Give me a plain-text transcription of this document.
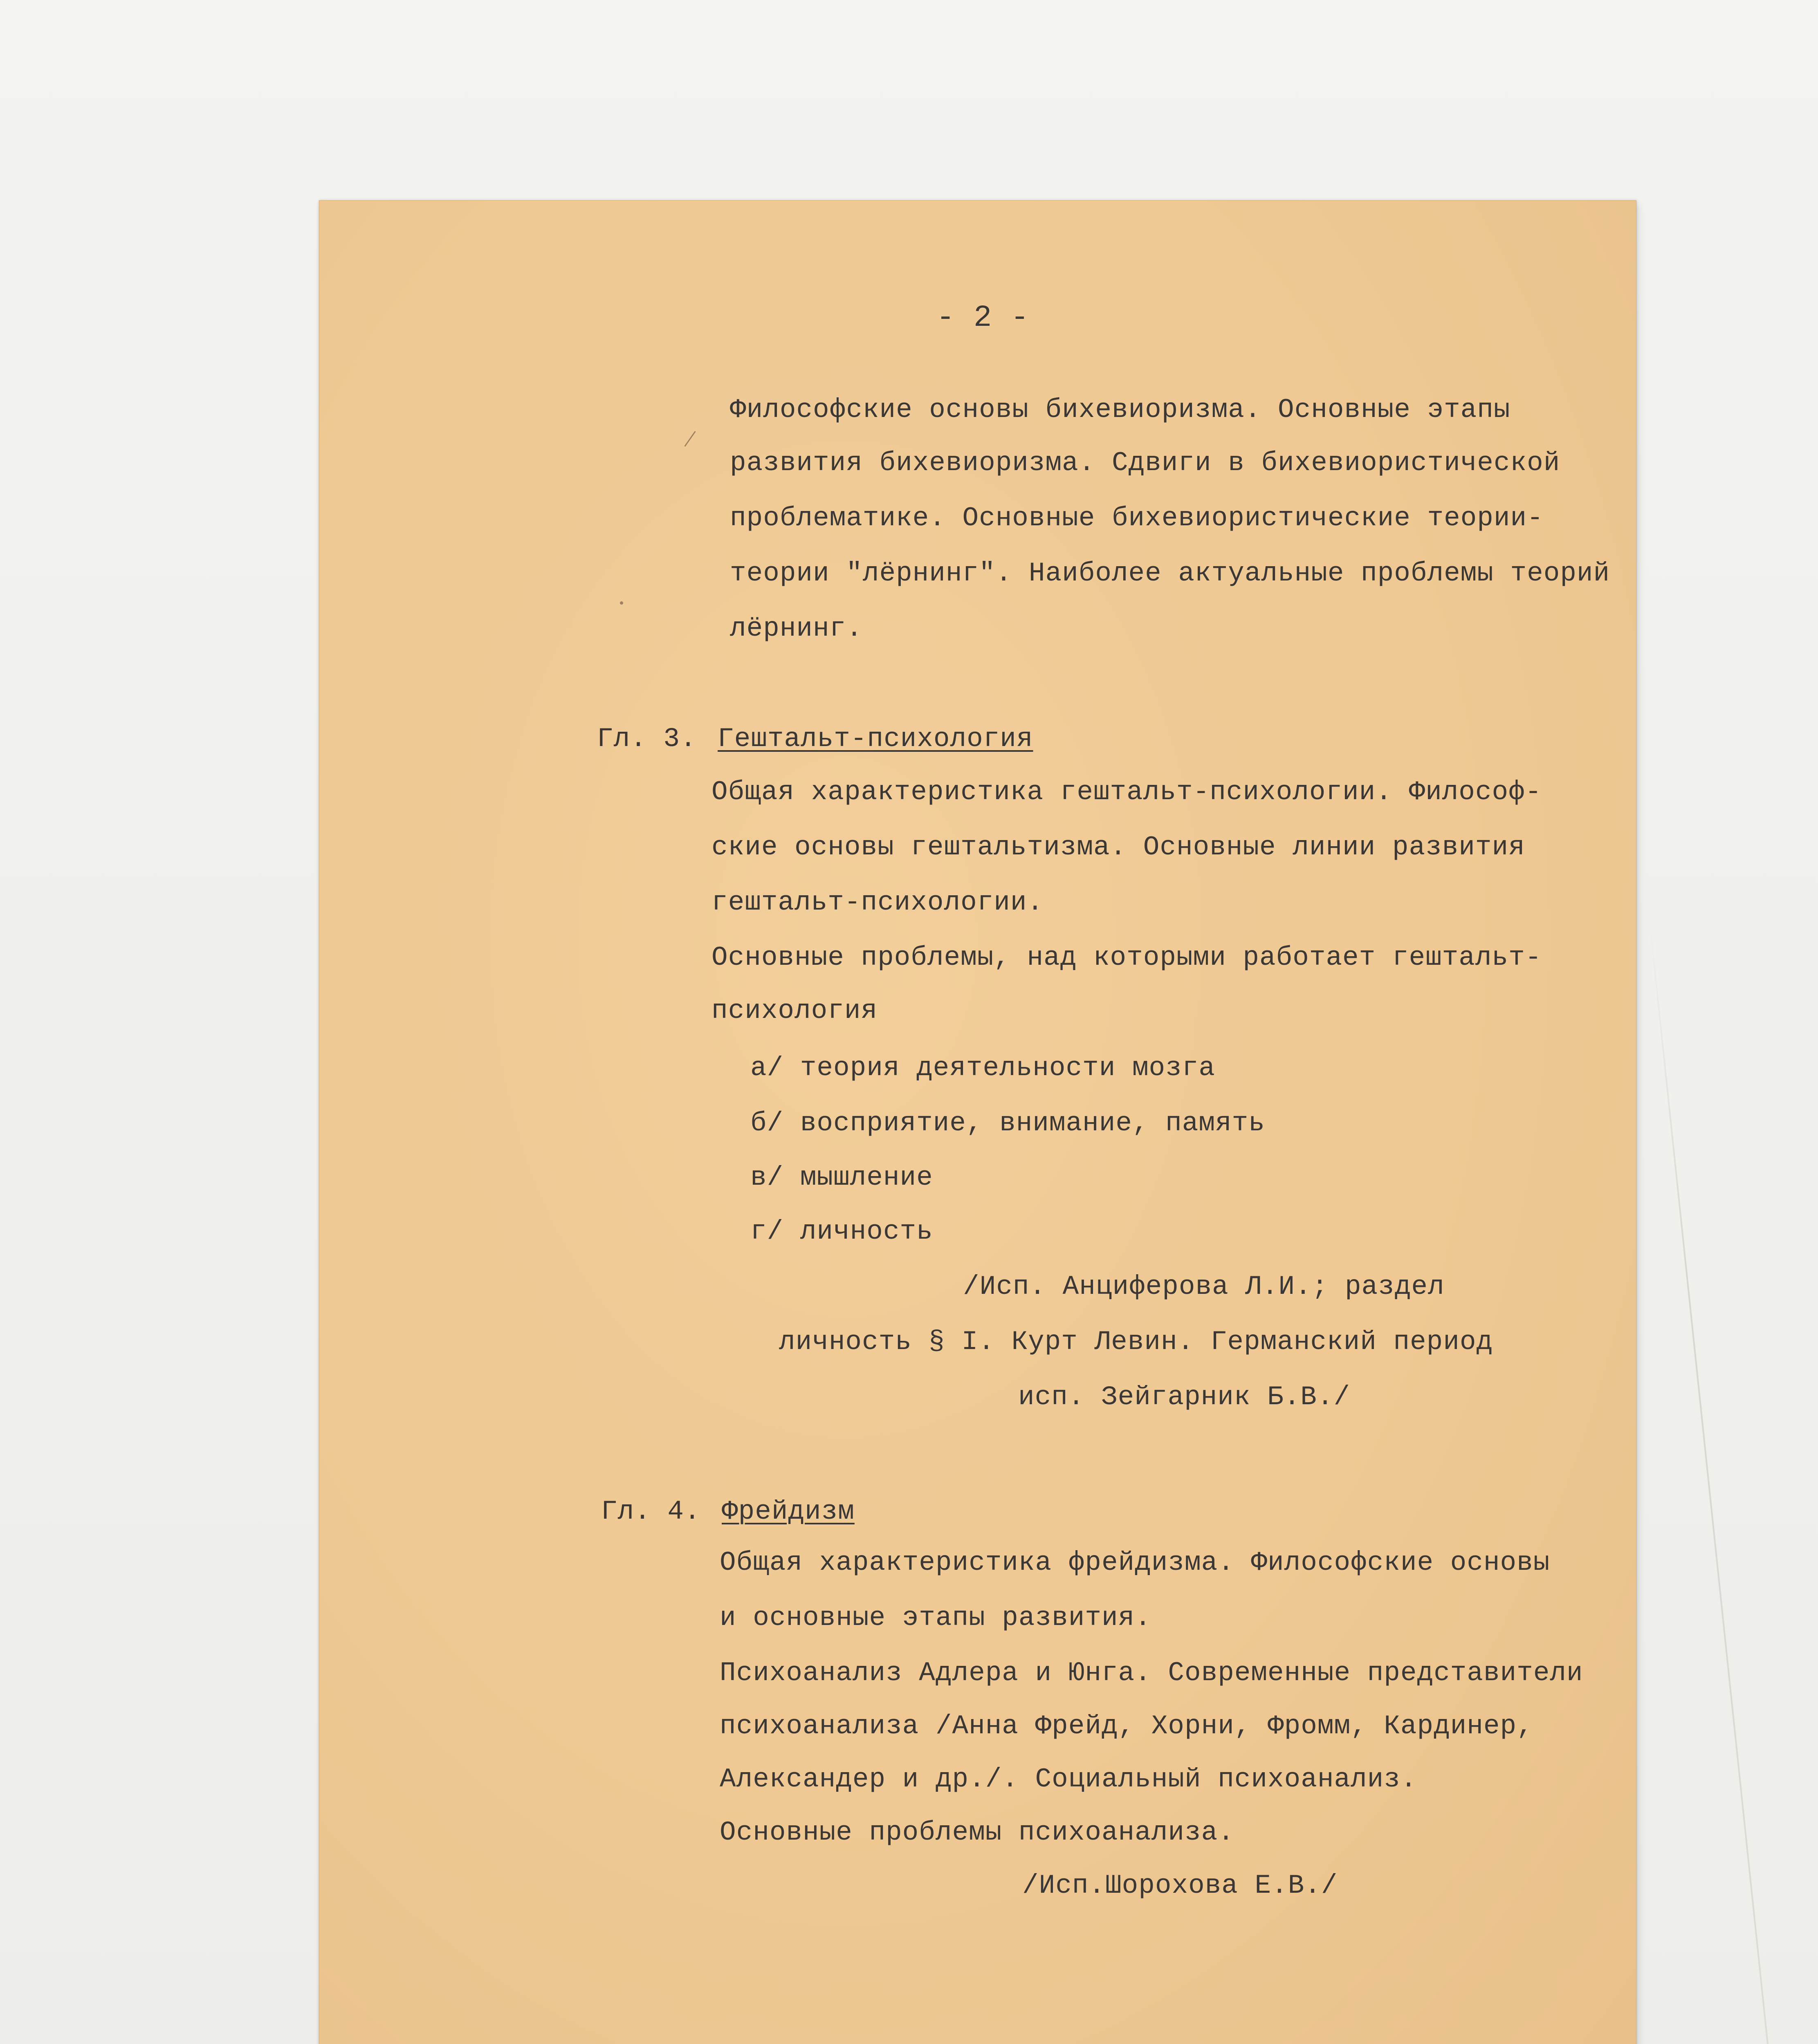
- 2 -
Философские основы бихевиоризма. Основные этапы
развития бихевиоризма. Сдвиги в бихевиористической
проблематике. Основные бихевиористические теории-
теории "лёрнинг". Наиболее актуальные проблемы теорий
лёрнинг.
Гл. 3. Гештальт-психология
Общая характеристика гештальт-психологии. Философ-
ские основы гештальтизма. Основные линии развития
гештальт-психологии.
Основные проблемы, над которыми работает гештальт-
психология
а/ теория деятельности мозга
б/ восприятие, внимание, память
в/ мышление
г/ личность
/Исп. Анциферова Л.И.; раздел
личность § I. Курт Левин. Германский период
исп. Зейгарник Б.В./
Гл. 4. Фрейдизм
Общая характеристика фрейдизма. Философские основы
и основные этапы развития.
Психоанализ Адлера и Юнга. Современные представители
психоанализа /Анна Фрейд, Хорни, Фромм, Кардинер,
Александер и др./. Социальный психоанализ.
Основные проблемы психоанализа.
/Исп.Шорохова Е.В./
